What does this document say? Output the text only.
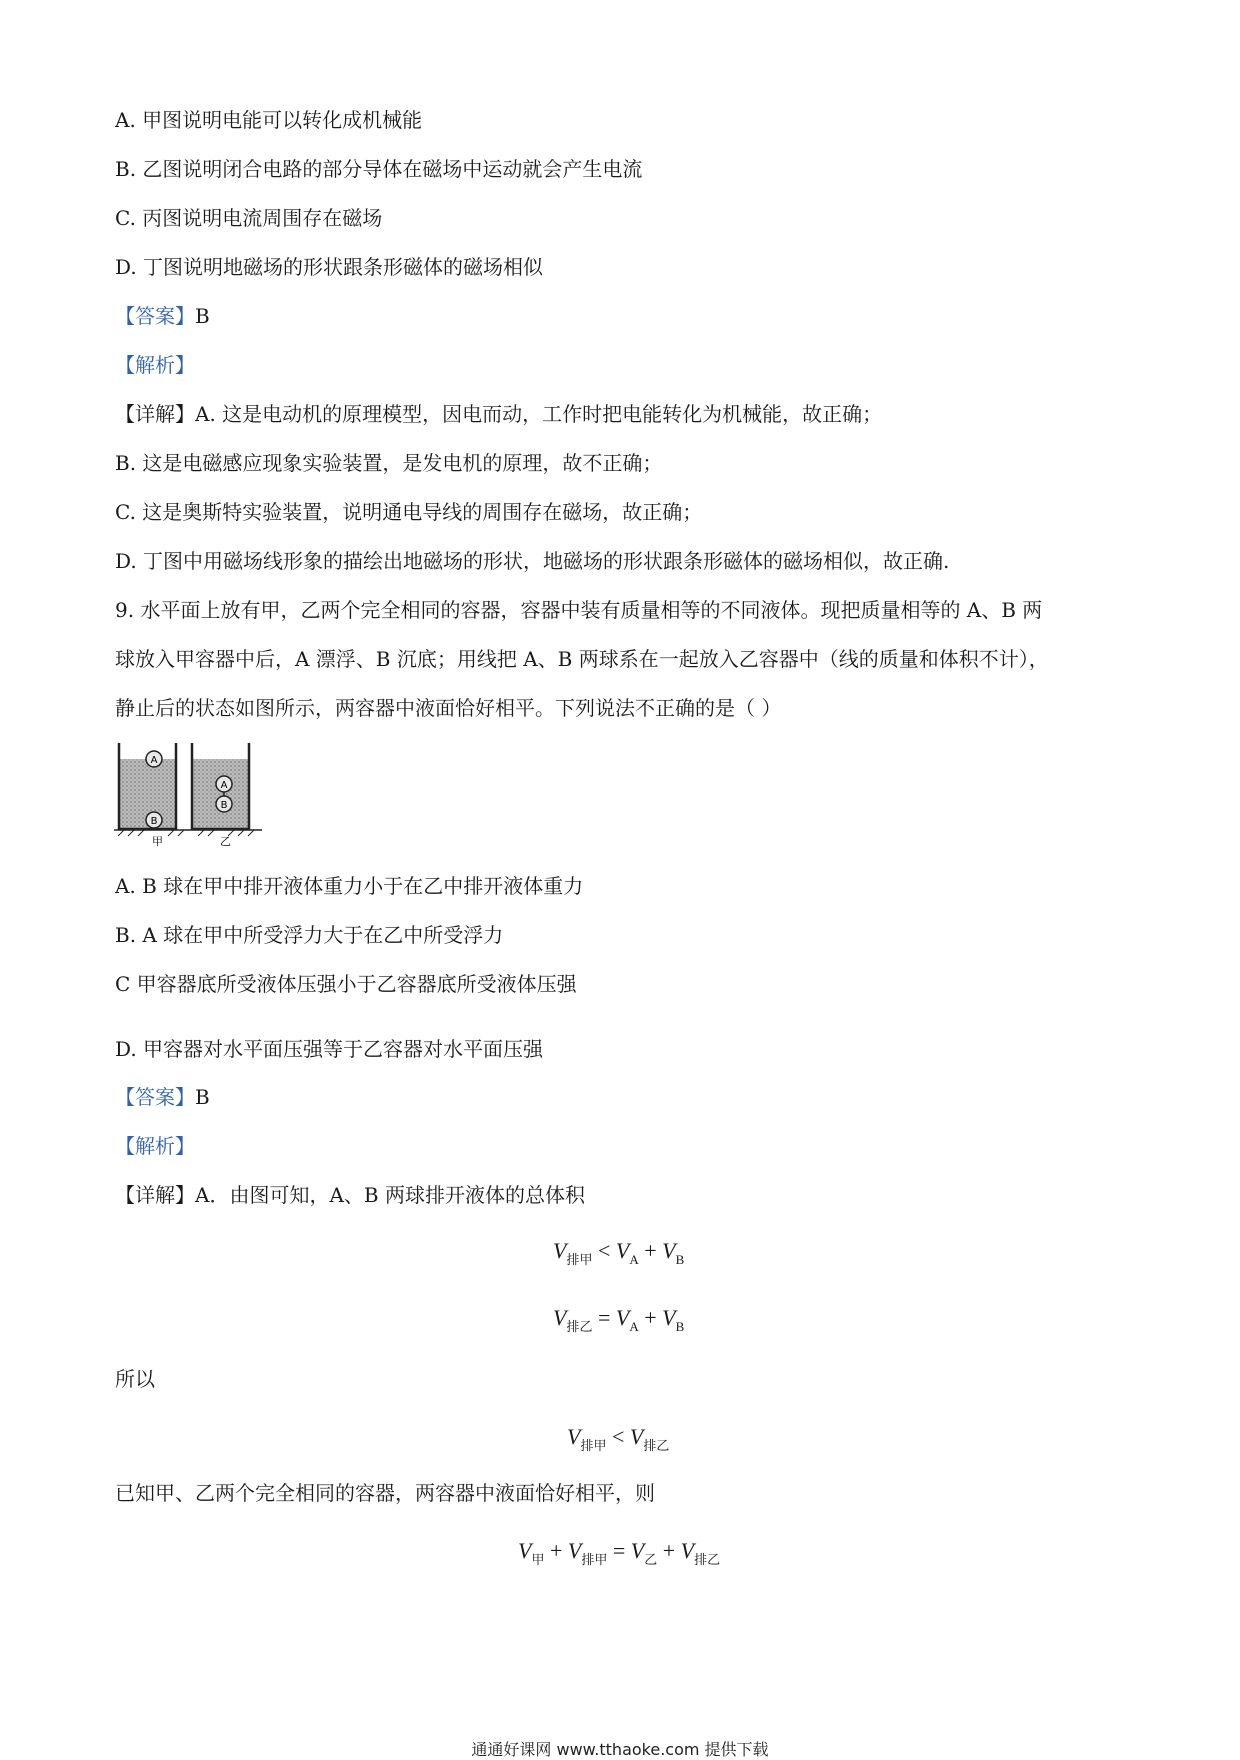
A. 甲图说明电能可以转化成机械能
B. 乙图说明闭合电路的部分导体在磁场中运动就会产生电流
C. 丙图说明电流周围存在磁场
D. 丁图说明地磁场的形状跟条形磁体的磁场相似
【答案】B
【解析】
【详解】A. 这是电动机的原理模型，因电而动，工作时把电能转化为机械能，故正确；
B. 这是电磁感应现象实验装置，是发电机的原理，故不正确；
C. 这是奥斯特实验装置，说明通电导线的周围存在磁场，故正确；
D. 丁图中用磁场线形象的描绘出地磁场的形状，地磁场的形状跟条形磁体的磁场相似，故正确.
9. 水平面上放有甲，乙两个完全相同的容器，容器中装有质量相等的不同液体。现把质量相等的 A、B 两
球放入甲容器中后，A 漂浮、B 沉底；用线把 A、B 两球系在一起放入乙容器中（线的质量和体积不计），
静止后的状态如图所示，两容器中液面恰好相平。下列说法不正确的是（ ）
A
B
A
B
甲	乙
A. B 球在甲中排开液体重力小于在乙中排开液体重力
B. A 球在甲中所受浮力大于在乙中所受浮力
C 甲容器底所受液体压强小于乙容器底所受液体压强
D. 甲容器对水平面压强等于乙容器对水平面压强
【答案】B
【解析】
【详解】A．由图可知，A、B 两球排开液体的总体积
$V_{排甲} < V_A + V_B$
$V_{排乙} = V_A + V_B$
所以
$V_{排甲} < V_{排乙}$
已知甲、乙两个完全相同的容器，两容器中液面恰好相平，则
$V_甲 + V_{排甲} = V_乙 + V_{排乙}$
通通好课网 www.tthaoke.com 提供下载
